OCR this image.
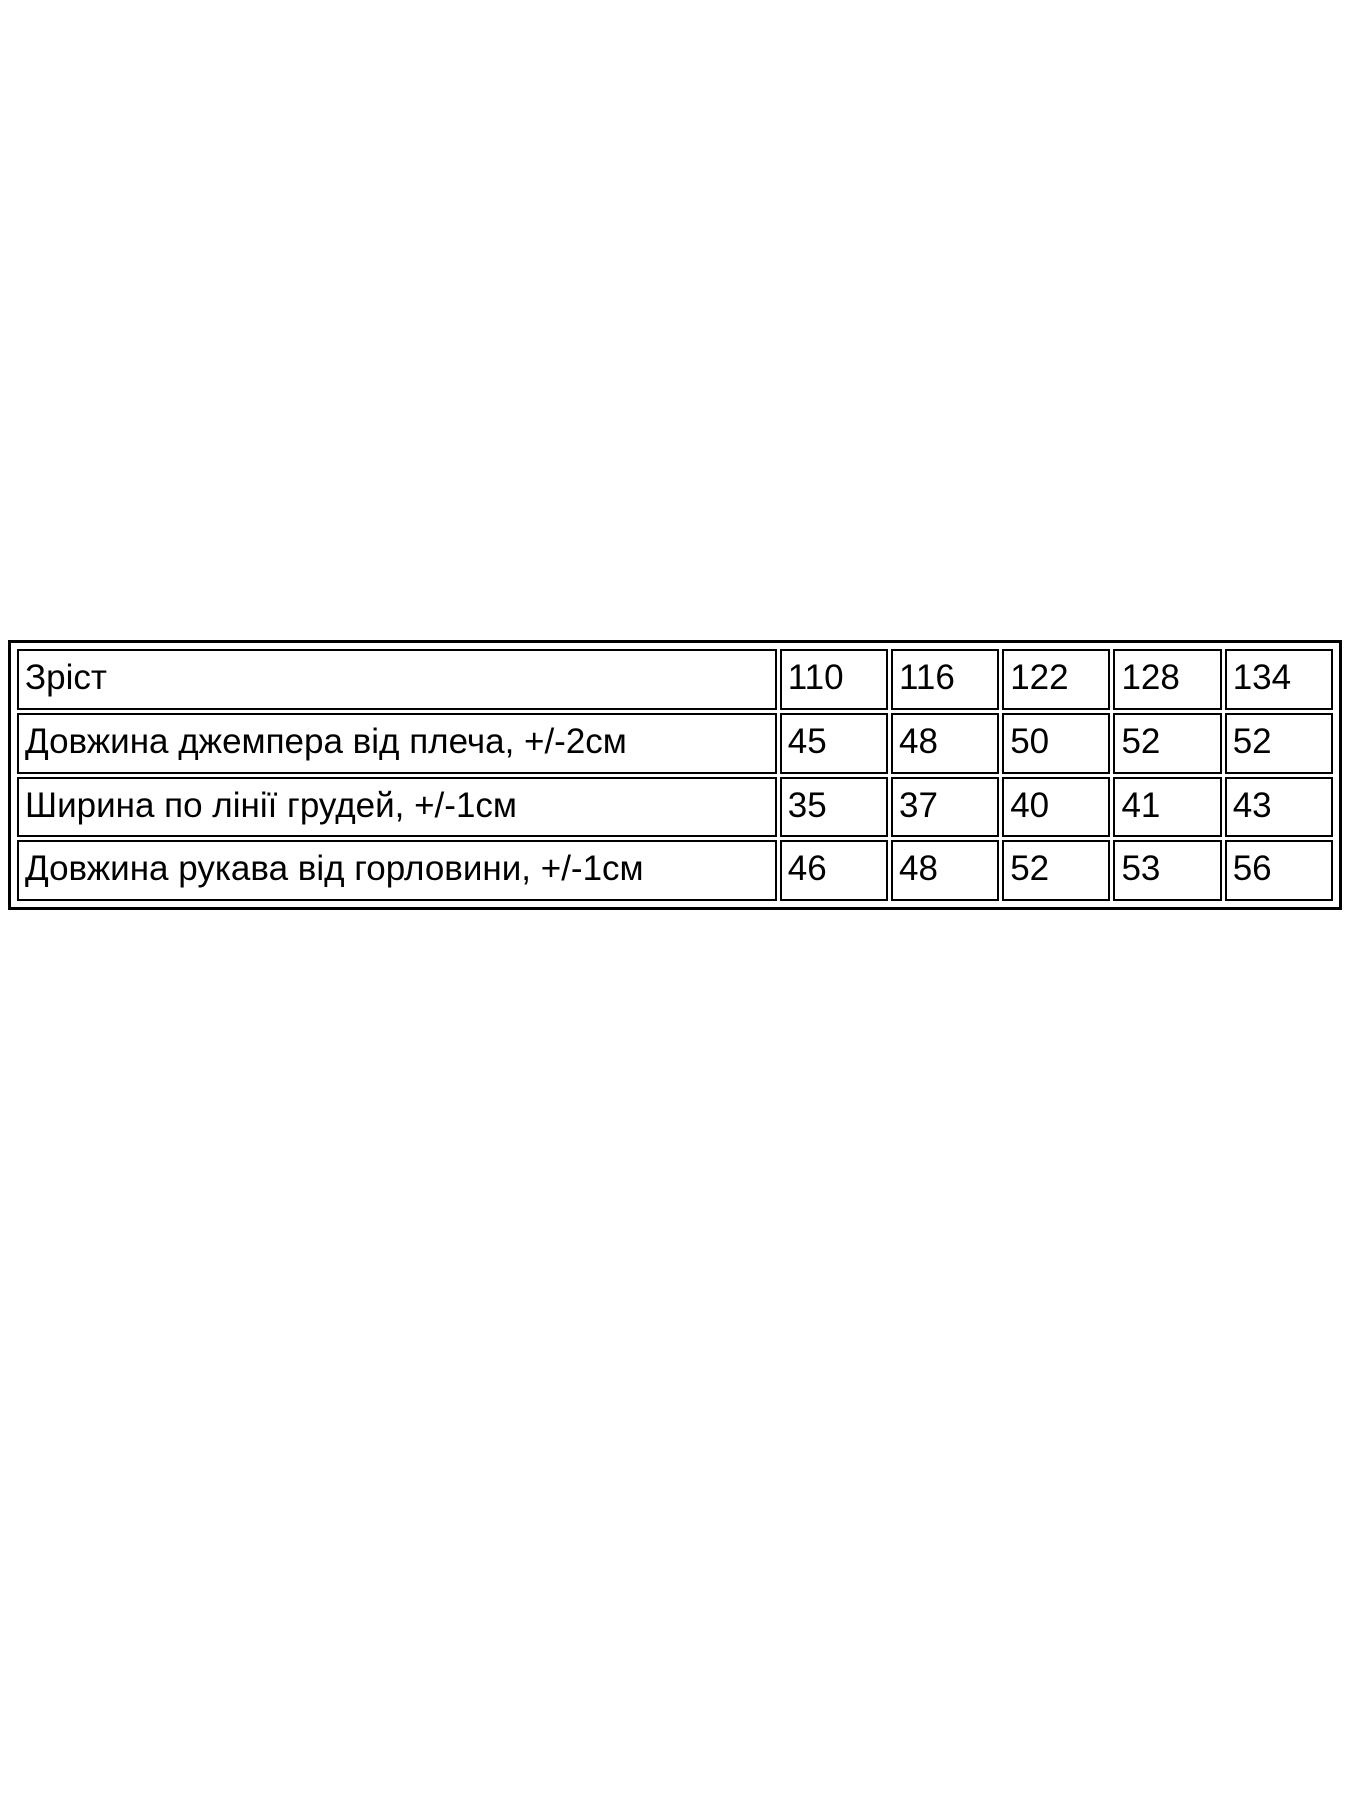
Зріст	110	116	122	128	134
Довжина джемпера від плеча, +/-2см	45	48	50	52	52
Ширина по лінії грудей, +/-1см	35	37	40	41	43
Довжина рукава від горловини, +/-1см	46	48	52	53	56
